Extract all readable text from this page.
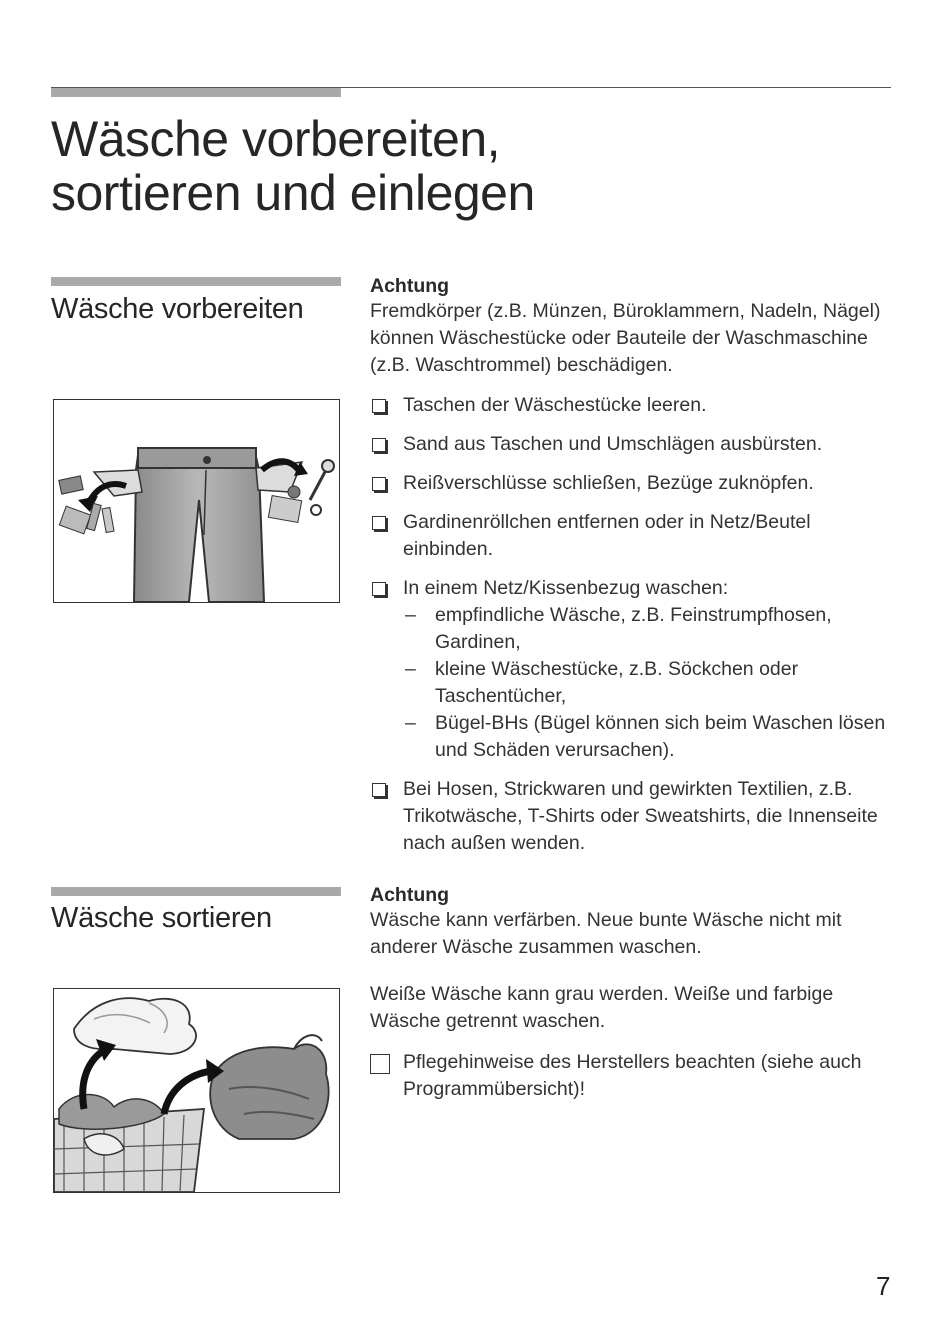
Wäsche vorbereiten,
sortieren und einlegen
Wäsche vorbereiten
Achtung

Fremdkörper (z.B. Münzen, Büroklammern, Nadeln, Nägel) können Wäschestücke oder Bauteile der Waschmaschine (z.B. Waschtrommel) beschädigen.

Taschen der Wäschestücke leeren.
Sand aus Taschen und Umschlägen ausbürsten.
Reißverschlüsse schließen, Bezüge zuknöpfen.
Gardinenröllchen entfernen oder in Netz/Beutel einbinden.
In einem Netz/Kissenbezug waschen:
– empfindliche Wäsche, z.B. Feinstrumpfhosen, Gardinen,
– kleine Wäschestücke, z.B. Söckchen oder Taschentücher,
– Bügel-BHs (Bügel können sich beim Waschen lösen und Schäden verursachen).
Bei Hosen, Strickwaren und gewirkten Textilien, z.B. Trikotwäsche, T-Shirts oder Sweatshirts, die Innenseite nach außen wenden.
Wäsche sortieren
Achtung

Wäsche kann verfärben. Neue bunte Wäsche nicht mit anderer Wäsche zusammen waschen.

Weiße Wäsche kann grau werden. Weiße und farbige Wäsche getrennt waschen.

Pflegehinweise des Herstellers beachten (siehe auch Programmübersicht)!
7
